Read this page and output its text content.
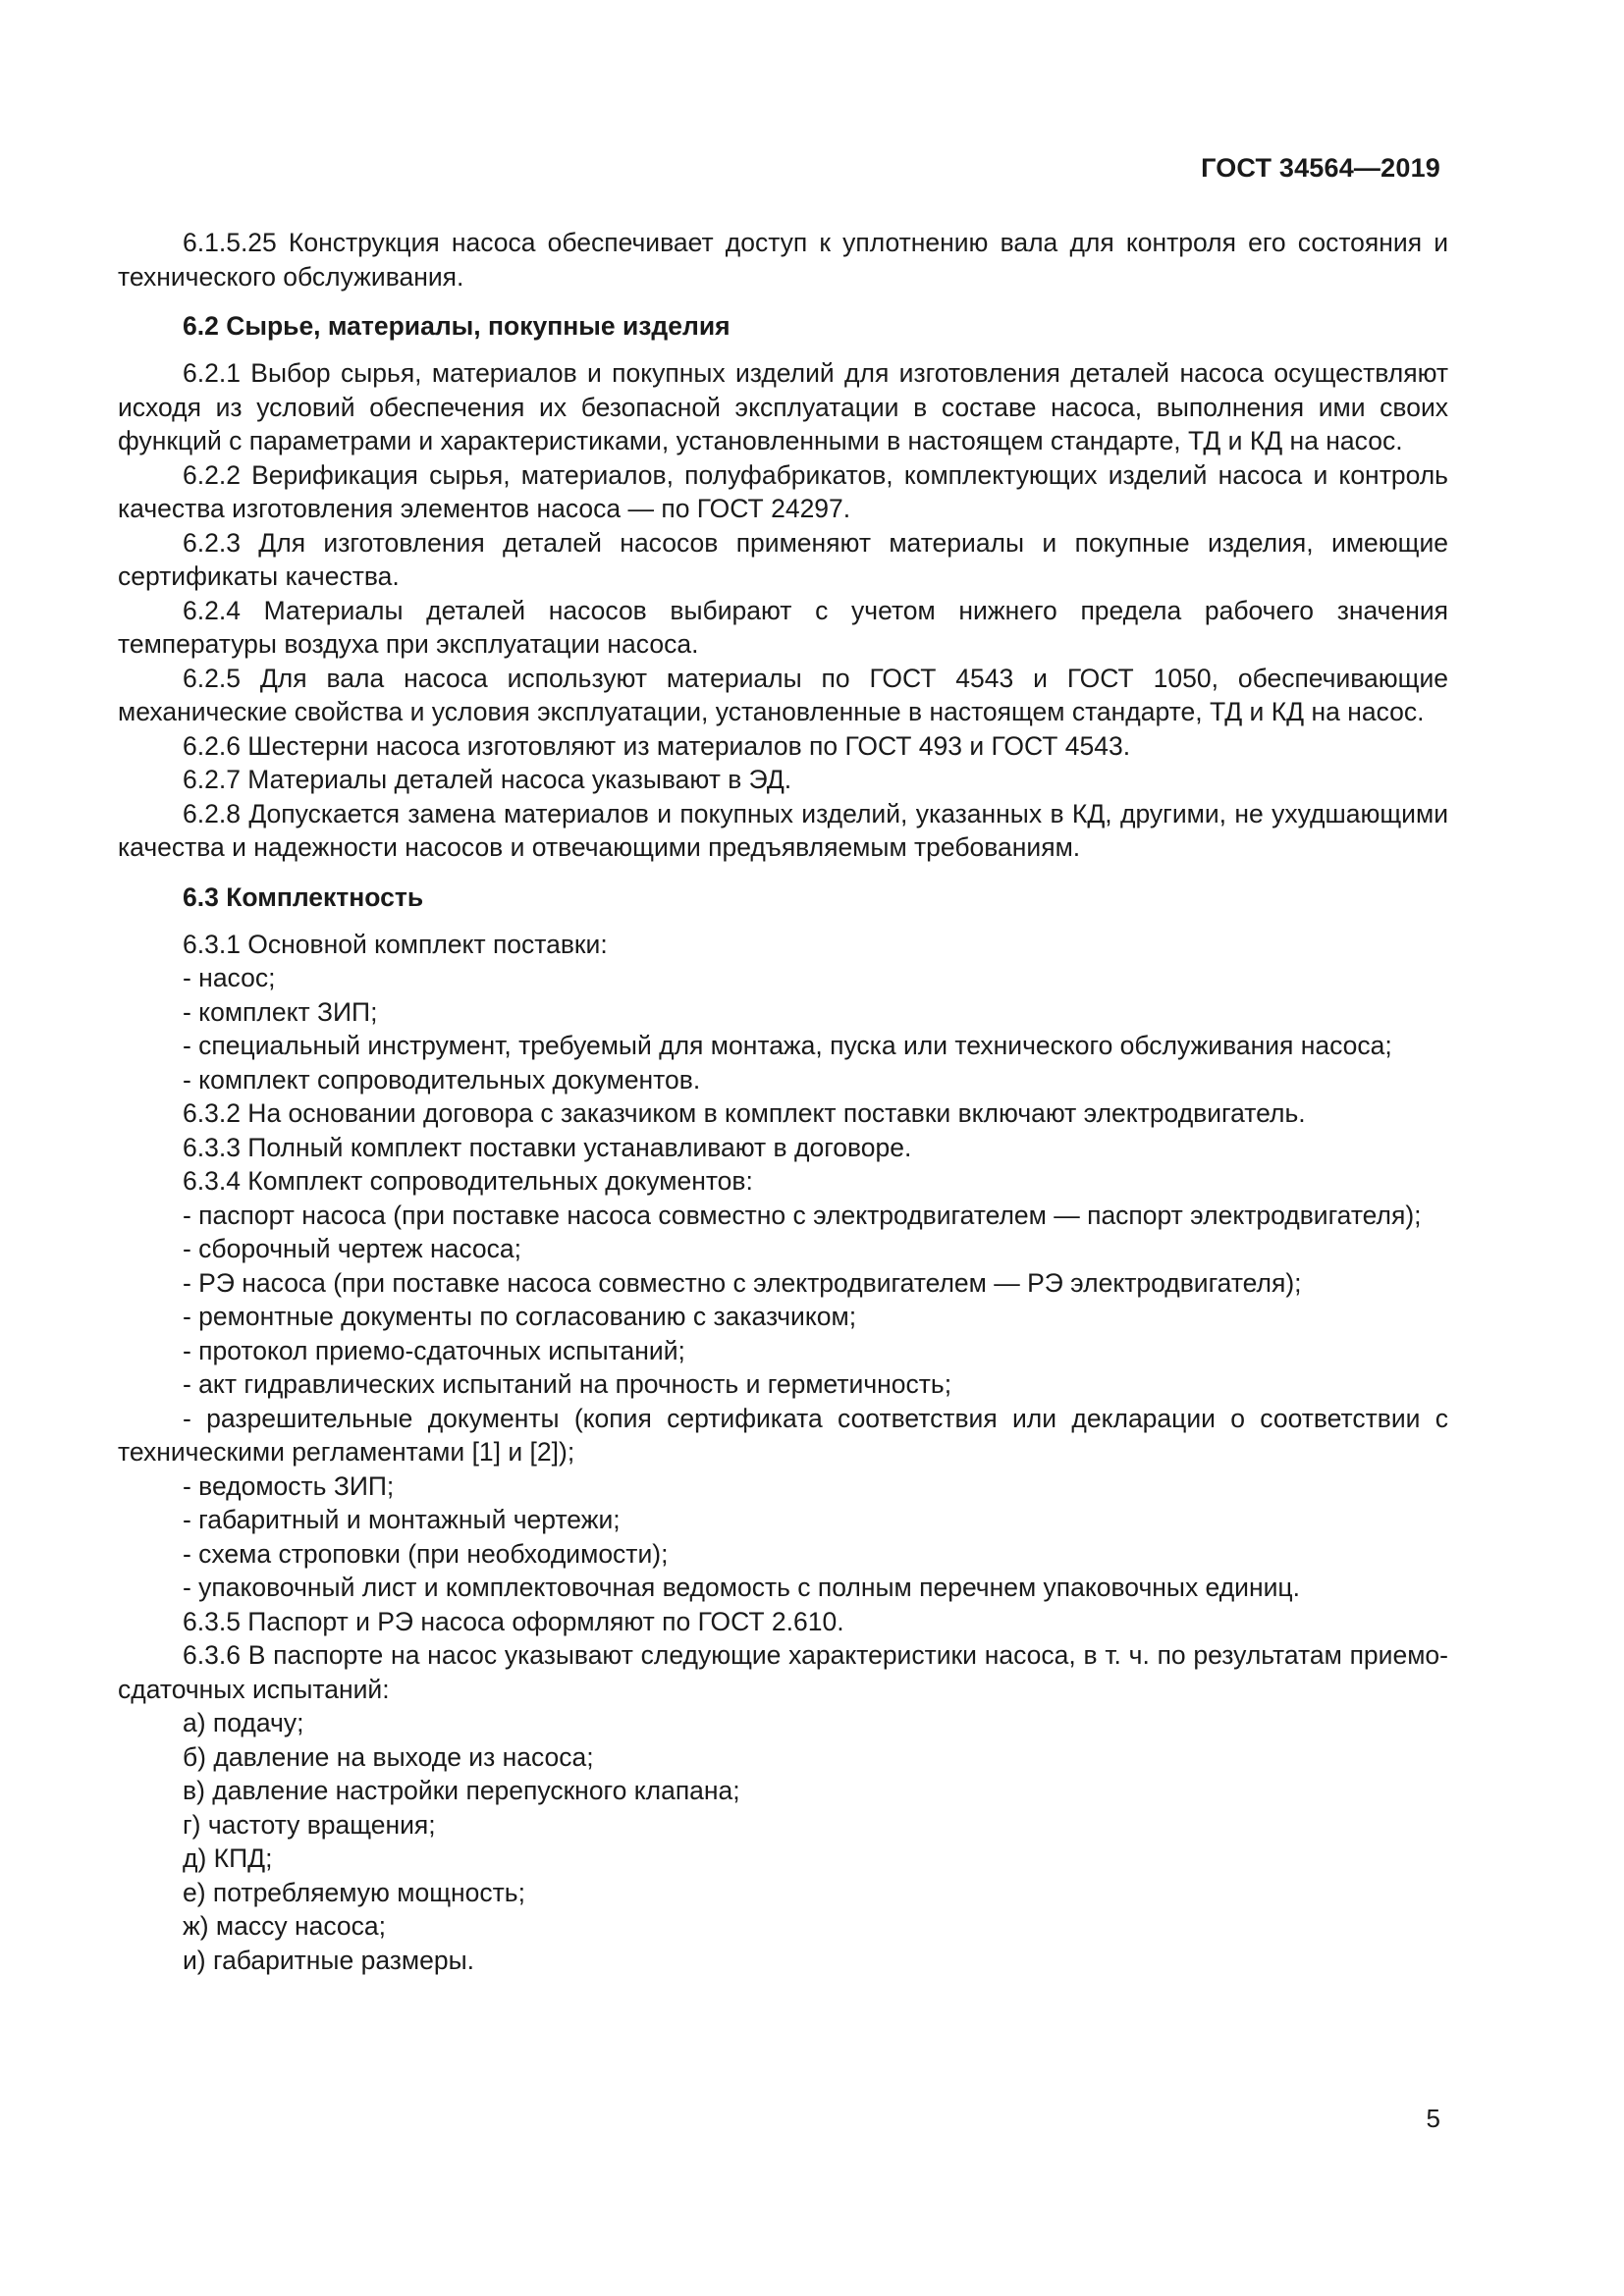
ГОСТ 34564—2019

6.1.5.25 Конструкция насоса обеспечивает доступ к уплотнению вала для контроля его состояния и технического обслуживания.

6.2 Сырье, материалы, покупные изделия

6.2.1 Выбор сырья, материалов и покупных изделий для изготовления деталей насоса осуществляют исходя из условий обеспечения их безопасной эксплуатации в составе насоса, выполнения ими своих функций с параметрами и характеристиками, установленными в настоящем стандарте, ТД и КД на насос.

6.2.2 Верификация сырья, материалов, полуфабрикатов, комплектующих изделий насоса и контроль качества изготовления элементов насоса — по ГОСТ 24297.

6.2.3 Для изготовления деталей насосов применяют материалы и покупные изделия, имеющие сертификаты качества.

6.2.4 Материалы деталей насосов выбирают с учетом нижнего предела рабочего значения температуры воздуха при эксплуатации насоса.

6.2.5 Для вала насоса используют материалы по ГОСТ 4543 и ГОСТ 1050, обеспечивающие механические свойства и условия эксплуатации, установленные в настоящем стандарте, ТД и КД на насос.

6.2.6 Шестерни насоса изготовляют из материалов по ГОСТ 493 и ГОСТ 4543.

6.2.7 Материалы деталей насоса указывают в ЭД.

6.2.8 Допускается замена материалов и покупных изделий, указанных в КД, другими, не ухудшающими качества и надежности насосов и отвечающими предъявляемым требованиям.

6.3 Комплектность

6.3.1 Основной комплект поставки:

- насос;

- комплект ЗИП;

- специальный инструмент, требуемый для монтажа, пуска или технического обслуживания насоса;

- комплект сопроводительных документов.

6.3.2 На основании договора с заказчиком в комплект поставки включают электродвигатель.

6.3.3 Полный комплект поставки устанавливают в договоре.

6.3.4 Комплект сопроводительных документов:

- паспорт насоса (при поставке насоса совместно с электродвигателем — паспорт электродвигателя);

- сборочный чертеж насоса;

- РЭ насоса (при поставке насоса совместно с электродвигателем — РЭ электродвигателя);

- ремонтные документы по согласованию с заказчиком;

- протокол приемо-сдаточных испытаний;

- акт гидравлических испытаний на прочность и герметичность;

- разрешительные документы (копия сертификата соответствия или декларации о соответствии с техническими регламентами [1] и [2]);

- ведомость ЗИП;

- габаритный и монтажный чертежи;

- схема строповки (при необходимости);

- упаковочный лист и комплектовочная ведомость с полным перечнем упаковочных единиц.

6.3.5 Паспорт и РЭ насоса оформляют по ГОСТ 2.610.

6.3.6 В паспорте на насос указывают следующие характеристики насоса, в т. ч. по результатам приемо-сдаточных испытаний:

а) подачу;

б) давление на выходе из насоса;

в) давление настройки перепускного клапана;

г) частоту вращения;

д) КПД;

е) потребляемую мощность;

ж) массу насоса;

и) габаритные размеры.

5
